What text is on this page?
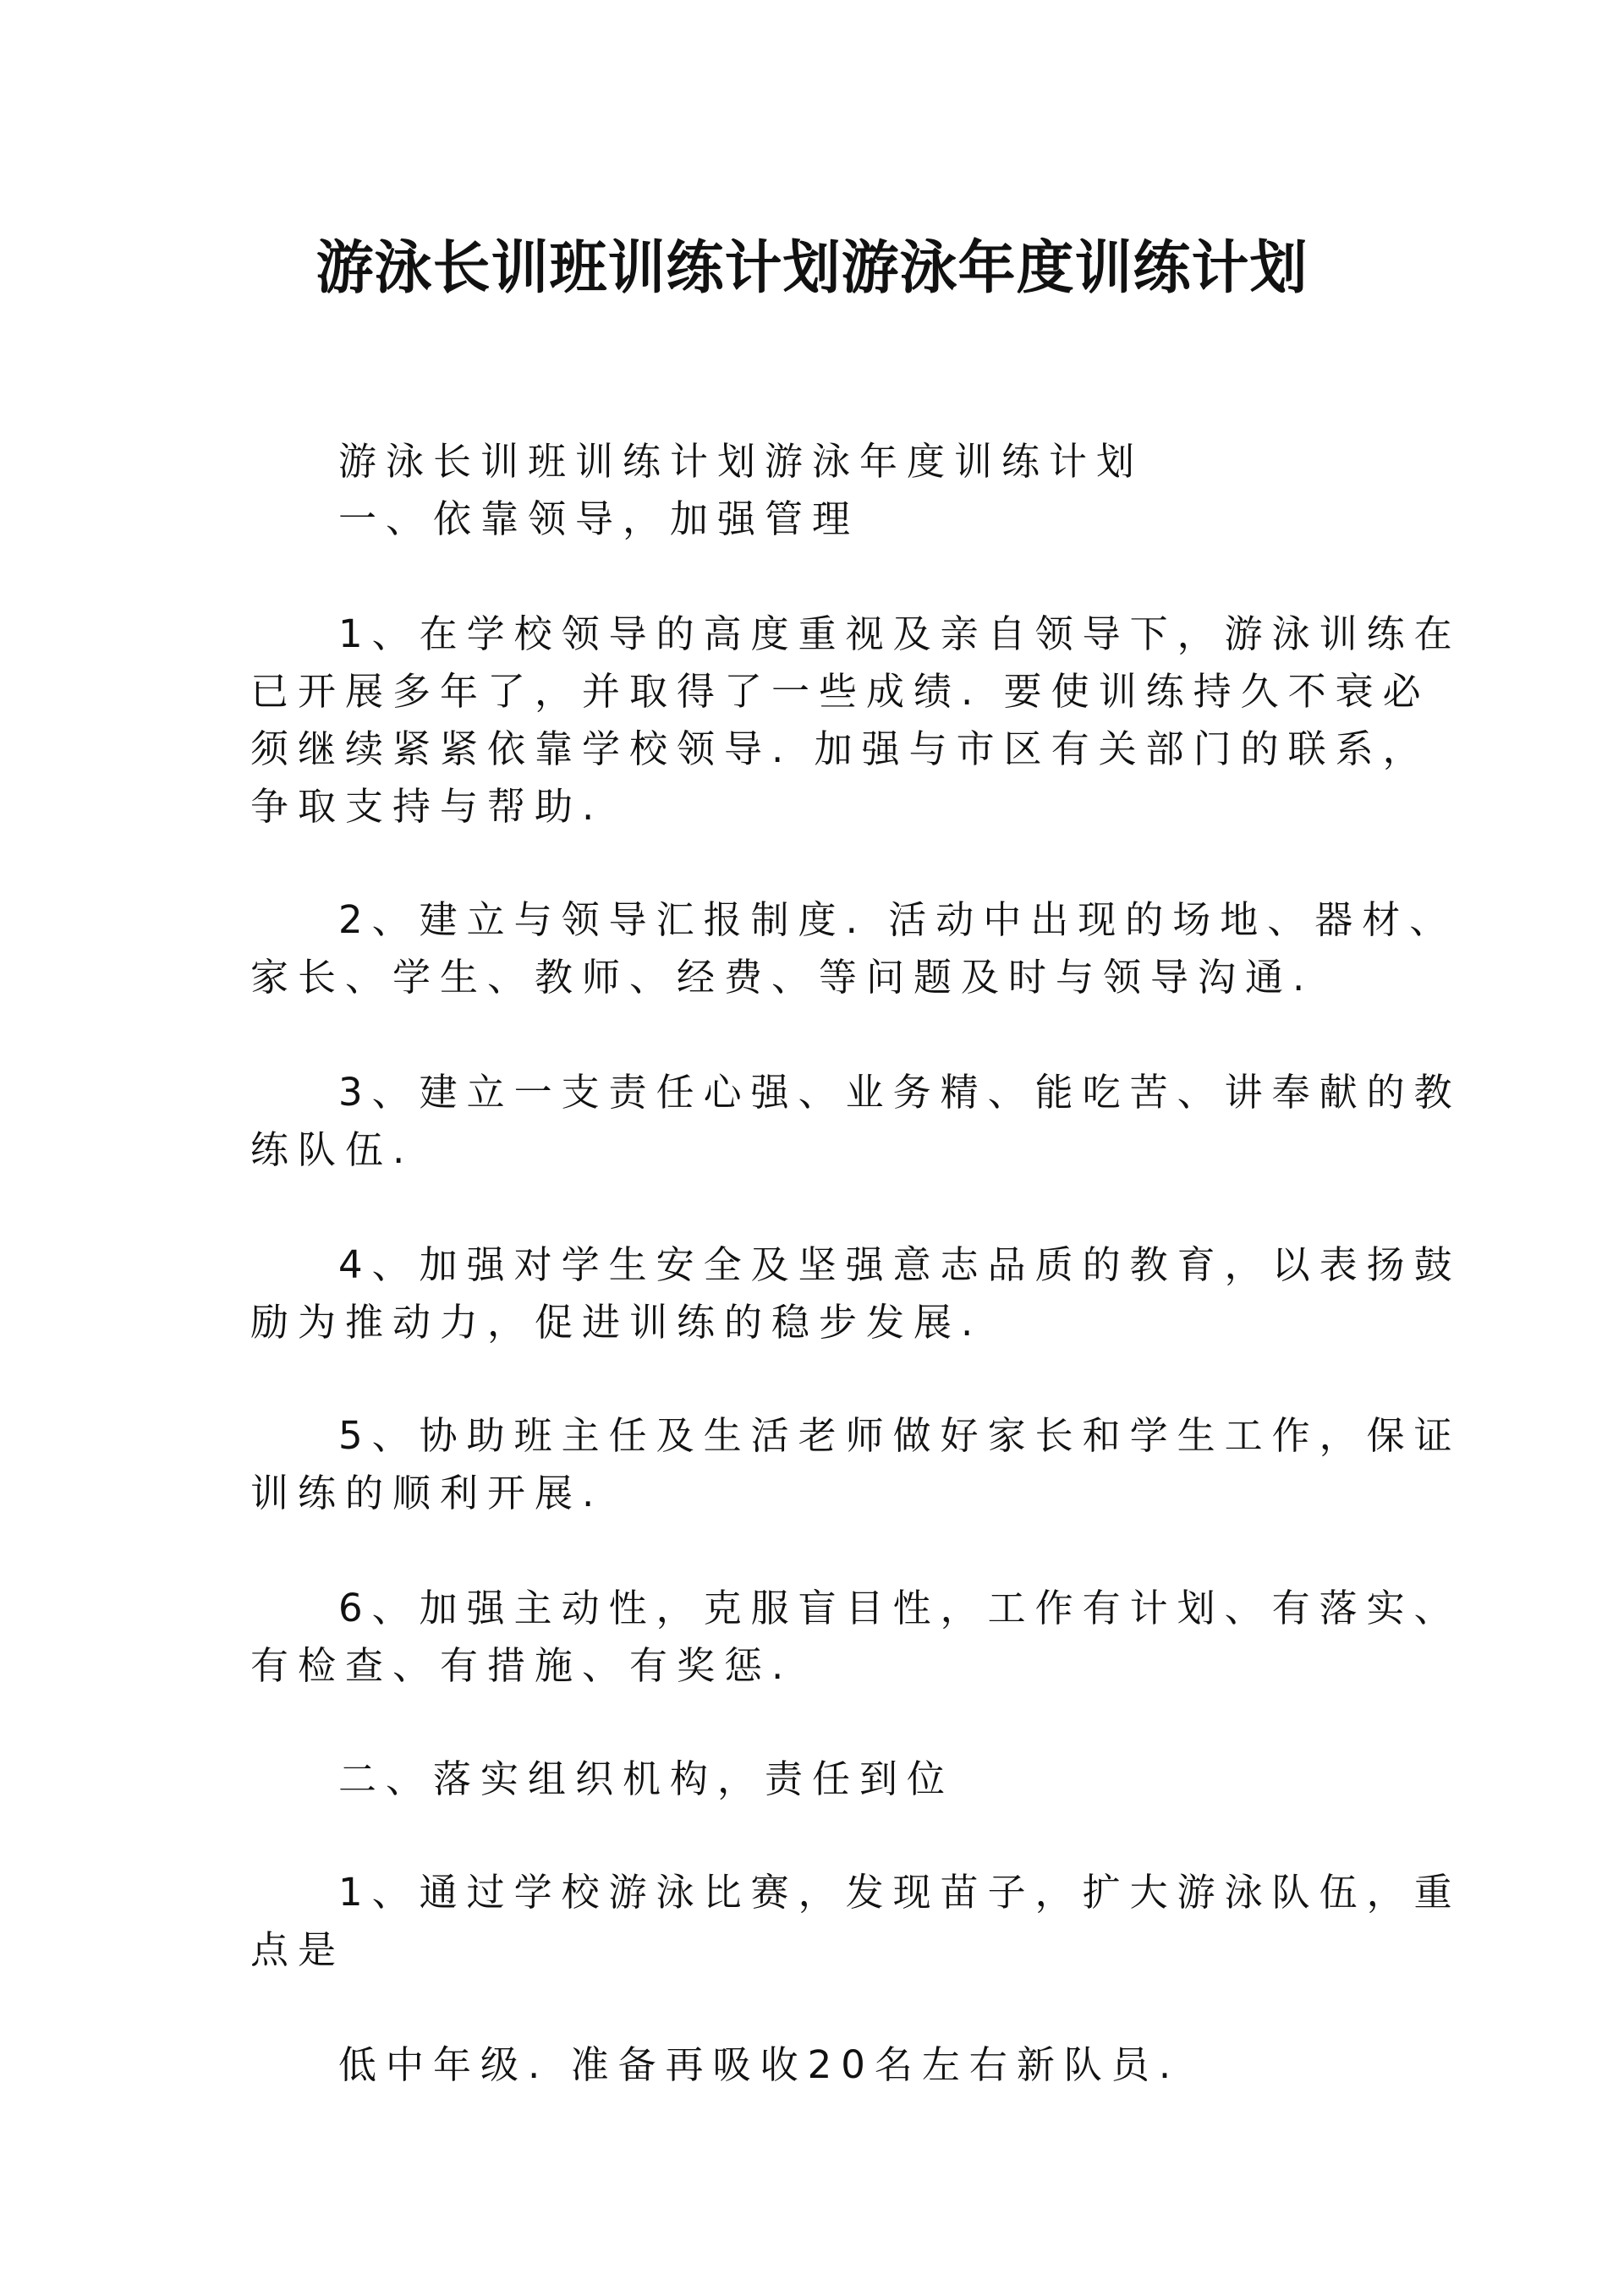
游泳长训班训练计划游泳年度训练计划

游泳长训班训练计划游泳年度训练计划

一、依靠领导，加强管理

1、在学校领导的高度重视及亲自领导下，游泳训练在

已开展多年了，并取得了一些成绩. 要使训练持久不衰必

须继续紧紧依靠学校领导. 加强与市区有关部门的联系，

争取支持与帮助.

2、建立与领导汇报制度. 活动中出现的场地、器材、

家长、学生、教师、经费、等问题及时与领导沟通.

3、建立一支责任心强、业务精、能吃苦、讲奉献的教

练队伍.

4、加强对学生安全及坚强意志品质的教育，以表扬鼓

励为推动力，促进训练的稳步发展.

5、协助班主任及生活老师做好家长和学生工作，保证

训练的顺利开展.

6、加强主动性，克服盲目性，工作有计划、有落实、

有检查、有措施、有奖惩.

二、落实组织机构，责任到位

1、通过学校游泳比赛，发现苗子，扩大游泳队伍，重

点是

低中年级. 准备再吸收20名左右新队员.
